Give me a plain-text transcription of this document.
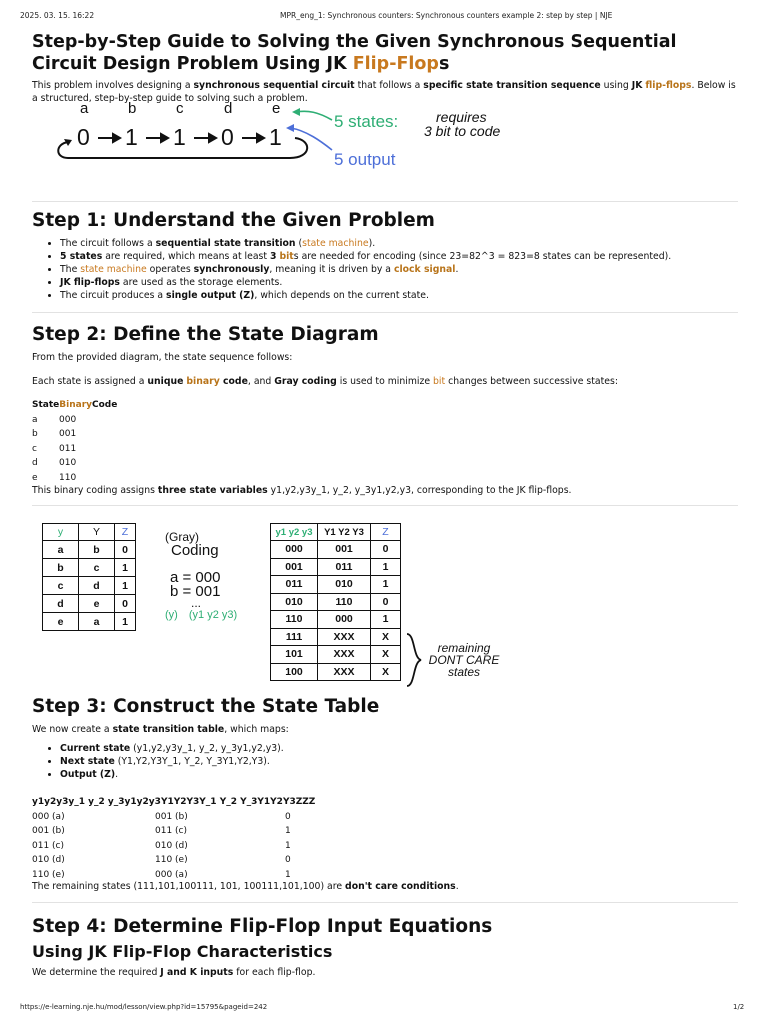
2025. 03. 15. 16:22	MPR_eng_1: Synchronous counters: Synchronous counters example 2: step by step | NJE
Step-by-Step Guide to Solving the Given Synchronous Sequential Circuit Design Problem Using JK Flip-Flops

This problem involves designing a synchronous sequential circuit that follows a specific state transition sequence using JK flip-flops. Below is a structured, step-by-step guide to solving such a problem.

a	b	c	d	e
0 1 1 0 1
5 states:
5 output
requires
3 bit to code
Step 1: Understand the Given Problem
• The circuit follows a sequential state transition (state machine).
• 5 states are required, which means at least 3 bits are needed for encoding (since 23=82^3 = 823=8 states can be represented).
• The state machine operates synchronously, meaning it is driven by a clock signal.
• JK flip-flops are used as the storage elements.
• The circuit produces a single output (Z), which depends on the current state.
Step 2: Define the State Diagram

From the provided diagram, the state sequence follows:

Each state is assigned a unique binary code, and Gray coding is used to minimize bit changes between successive states:

State Binary Code
a	000
b	001
c	011
d	010
e	110

This binary coding assigns three state variables y1,y2,y3y_1, y_2, y_3y1,y2,y3, corresponding to the JK flip-flops.

y	Y	Z
a	b	0
b	c	1
c	d	1
d	e	0
e	a	1
(Gray)
Coding
a = 000
b = 001
...
(y) (y1 y2 y3)
y1 y2 y3	Y1 Y2 Y3	Z
000	001	0
001	011	1
011	010	1
010	110	0
110	000	1
111	XXX	X
101	XXX	X
100	XXX	X
remaining
DONT CARE
states
Step 3: Construct the State Table

We now create a state transition table, which maps:

• Current state (y1,y2,y3y_1, y_2, y_3y1,y2,y3).
• Next state (Y1,Y2,Y3Y_1, Y_2, Y_3Y1,Y2,Y3).
• Output (Z).
y1y2y3y_1 y_2 y_3y1y2y3 Y1Y2Y3Y_1 Y_2 Y_3Y1Y2Y3 ZZZ
000 (a)	001 (b)	0
001 (b)	011 (c)	1
011 (c)	010 (d)	1
010 (d)	110 (e)	0
110 (e)	000 (a)	1

The remaining states (111,101,100111, 101, 100111,101,100) are don't care conditions.

Step 4: Determine Flip-Flop Input Equations
Using JK Flip-Flop Characteristics

We determine the required J and K inputs for each flip-flop.

https://e-learning.nje.hu/mod/lesson/view.php?id=15795&pageid=242	1/2
